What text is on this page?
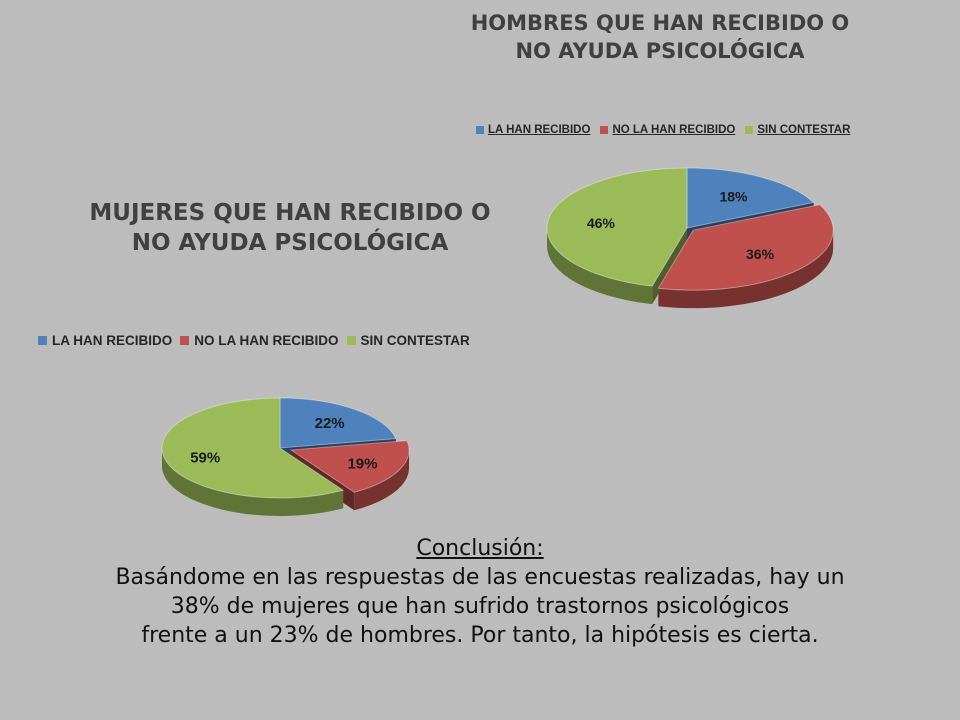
HOMBRES QUE HAN RECIBIDO O
NO AYUDA PSICOLÓGICA
LA HAN RECIBIDO NO LA HAN RECIBIDO SIN CONTESTAR
18%
36%
46%
MUJERES QUE HAN RECIBIDO O
NO AYUDA PSICOLÓGICA
LA HAN RECIBIDO NO LA HAN RECIBIDO SIN CONTESTAR
22%
19%
59%
Conclusión:

Basándome en las respuestas de las encuestas realizadas, hay un
38% de mujeres que han sufrido trastornos psicológicos
frente a un 23% de hombres. Por tanto, la hipótesis es cierta.
